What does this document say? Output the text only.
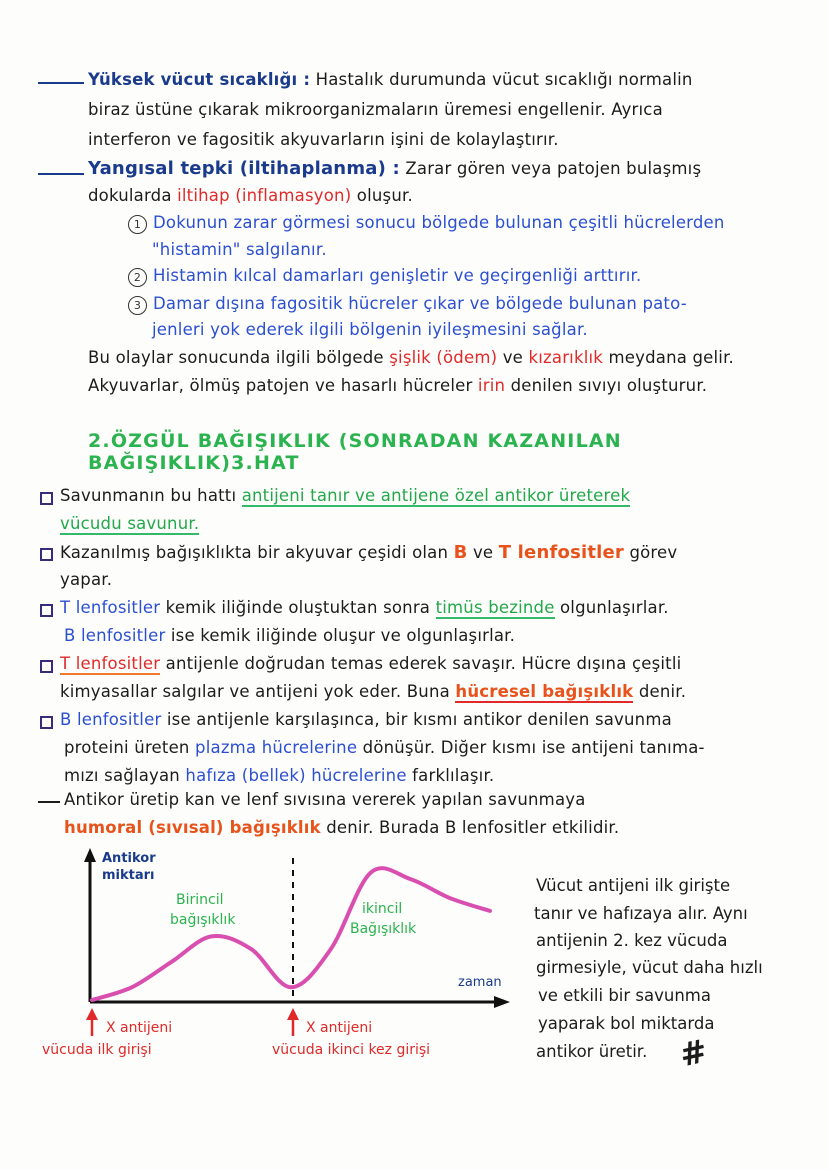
Yüksek vücut sıcaklığı : Hastalık durumunda vücut sıcaklığı normalin
biraz üstüne çıkarak mikroorganizmaların üremesi engellenir. Ayrıca
interferon ve fagositik akyuvarların işini de kolaylaştırır.
Yangısal tepki (iltihaplanma) : Zarar gören veya patojen bulaşmış
dokularda iltihap (inflamasyon) oluşur.
1 Dokunun zarar görmesi sonucu bölgede bulunan çeşitli hücrelerden
"histamin" salgılanır.
2 Histamin kılcal damarları genişletir ve geçirgenliği arttırır.
3 Damar dışına fagositik hücreler çıkar ve bölgede bulunan pato-
jenleri yok ederek ilgili bölgenin iyileşmesini sağlar.
Bu olaylar sonucunda ilgili bölgede şişlik (ödem) ve kızarıklık meydana gelir.
Akyuvarlar, ölmüş patojen ve hasarlı hücreler irin denilen sıvıyı oluşturur.
2.ÖZGÜL BAĞIŞIKLIK (SONRADAN KAZANILAN BAĞIŞIKLIK)3.HAT
Savunmanın bu hattı antijeni tanır ve antijene özel antikor üreterek
vücudu savunur.
Kazanılmış bağışıklıkta bir akyuvar çeşidi olan B ve T lenfositler görev
yapar.
T lenfositler kemik iliğinde oluştuktan sonra timüs bezinde olgunlaşırlar.
B lenfositler ise kemik iliğinde oluşur ve olgunlaşırlar.
T lenfositler antijenle doğrudan temas ederek savaşır. Hücre dışına çeşitli
kimyasallar salgılar ve antijeni yok eder. Buna hücresel bağışıklık denir.
B lenfositler ise antijenle karşılaşınca, bir kısmı antikor denilen savunma
proteini üreten plazma hücrelerine dönüşür. Diğer kısmı ise antijeni tanıma-
mızı sağlayan hafıza (bellek) hücrelerine farklılaşır.
Antikor üretip kan ve lenf sıvısına vererek yapılan savunmaya
humoral (sıvısal) bağışıklık denir. Burada B lenfositler etkilidir.
Antikor
miktarı
Birincil
bağışıklık
ikincil
Bağışıklık
zaman
X antijeni
vücuda ilk girişi
X antijeni
vücuda ikinci kez girişi
Vücut antijeni ilk girişte
tanır ve hafızaya alır. Aynı
antijenin 2. kez vücuda
girmesiyle, vücut daha hızlı
ve etkili bir savunma
yaparak bol miktarda
antikor üretir. #
